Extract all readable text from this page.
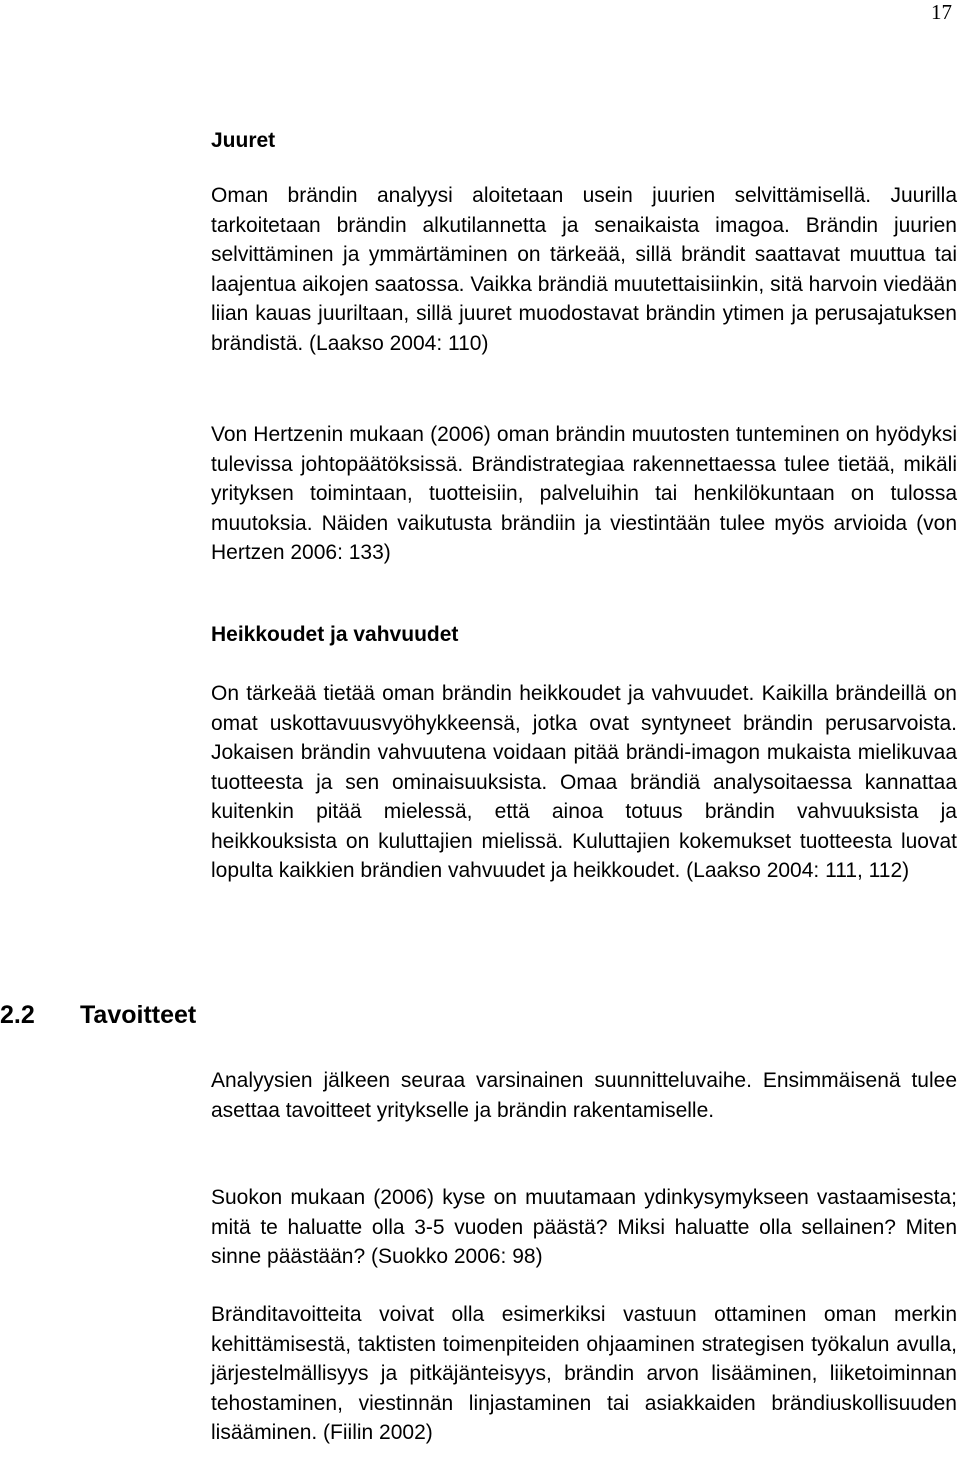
17
Juuret

Oman brändin analyysi aloitetaan usein juurien selvittämisellä. Juurilla tarkoitetaan brändin alkutilannetta ja senaikaista imagoa. Brändin juurien selvittäminen ja ymmärtäminen on tärkeää, sillä brändit saattavat muuttua tai laajentua aikojen saatossa. Vaikka brändiä muutettaisiinkin, sitä harvoin viedään liian kauas juuriltaan, sillä juuret muodostavat brändin ytimen ja perusajatuksen brändistä. (Laakso 2004: 110)

Von Hertzenin mukaan (2006) oman brändin muutosten tunteminen on hyödyksi tulevissa johtopäätöksissä. Brändistrategiaa rakennettaessa tulee tietää, mikäli yrityksen toimintaan, tuotteisiin, palveluihin tai henkilökuntaan on tulossa muutoksia. Näiden vaikutusta brändiin ja viestintään tulee myös arvioida (von Hertzen 2006: 133)

Heikkoudet ja vahvuudet

On tärkeää tietää oman brändin heikkoudet ja vahvuudet. Kaikilla brändeillä on omat uskottavuusvyöhykkeensä, jotka ovat syntyneet brändin perusarvoista. Jokaisen brändin vahvuutena voidaan pitää brändi-imagon mukaista mielikuvaa tuotteesta ja sen ominaisuuksista. Omaa brändiä analysoitaessa kannattaa kuitenkin pitää mielessä, että ainoa totuus brändin vahvuuksista ja heikkouksista on kuluttajien mielissä. Kuluttajien kokemukset tuotteesta luovat lopulta kaikkien brändien vahvuudet ja heikkoudet. (Laakso 2004: 111, 112)

2.2 Tavoitteet

Analyysien jälkeen seuraa varsinainen suunnitteluvaihe. Ensimmäisenä tulee asettaa tavoitteet yritykselle ja brändin rakentamiselle.

Suokon mukaan (2006) kyse on muutamaan ydinkysymykseen vastaamisesta; mitä te haluatte olla 3-5 vuoden päästä? Miksi haluatte olla sellainen? Miten sinne päästään? (Suokko 2006: 98)

Bränditavoitteita voivat olla esimerkiksi vastuun ottaminen oman merkin kehittämisestä, taktisten toimenpiteiden ohjaaminen strategisen työkalun avulla, järjestelmällisyys ja pitkäjänteisyys, brändin arvon lisääminen, liiketoiminnan tehostaminen, viestinnän linjastaminen tai asiakkaiden brändiuskollisuuden lisääminen. (Fiilin 2002)
